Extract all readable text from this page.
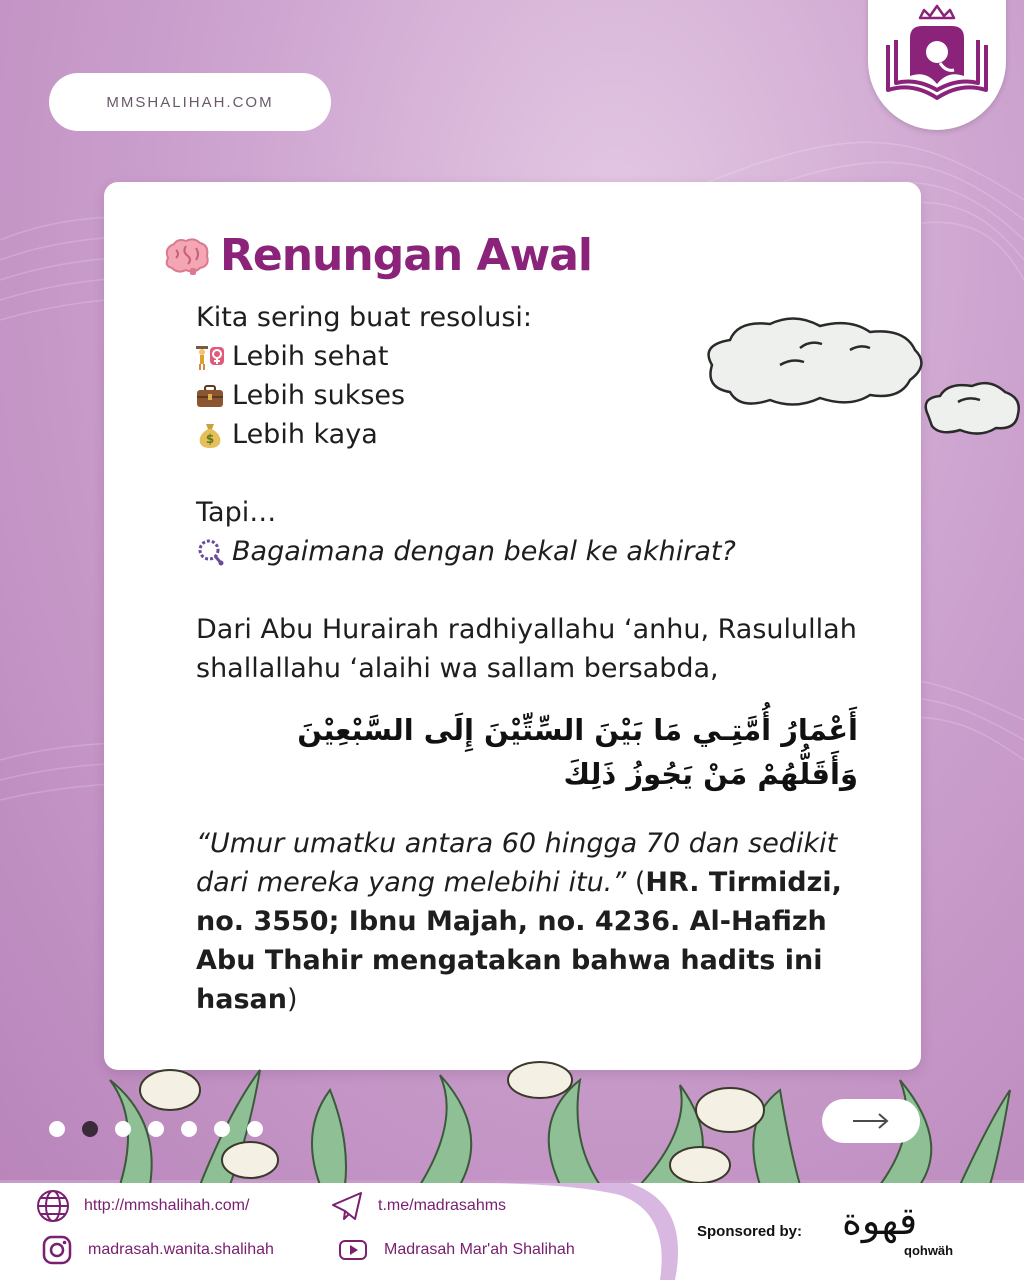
MMSHALIHAH.COM
Renungan Awal

Kita sering buat resolusi:

Lebih sehat
Lebih sukses
$ Lebih kaya

Tapi…

Bagaimana dengan bekal ke akhirat?

Dari Abu Hurairah radhiyallahu ‘anhu, Rasulullah shallallahu ‘alaihi wa sallam bersabda,

أَعْمَارُ أُمَّتِـي مَا بَيْنَ السِّتِّيْنَ إِلَى السَّبْعِيْنَ وَأَقَلُّهُمْ مَنْ يَجُوزُ ذَلِكَ

“Umur umatku antara 60 hingga 70 dan sedikit dari mereka yang melebihi itu.” (HR. Tirmidzi, no. 3550; Ibnu Majah, no. 4236. Al-Hafizh Abu Thahir mengatakan bahwa hadits ini hasan)

http://mmshalihah.com/	t.me/madrasahms
madrasah.wanita.shalihah	Madrasah Mar'ah Shalihah
Sponsored by: قهوة
qohwäh
